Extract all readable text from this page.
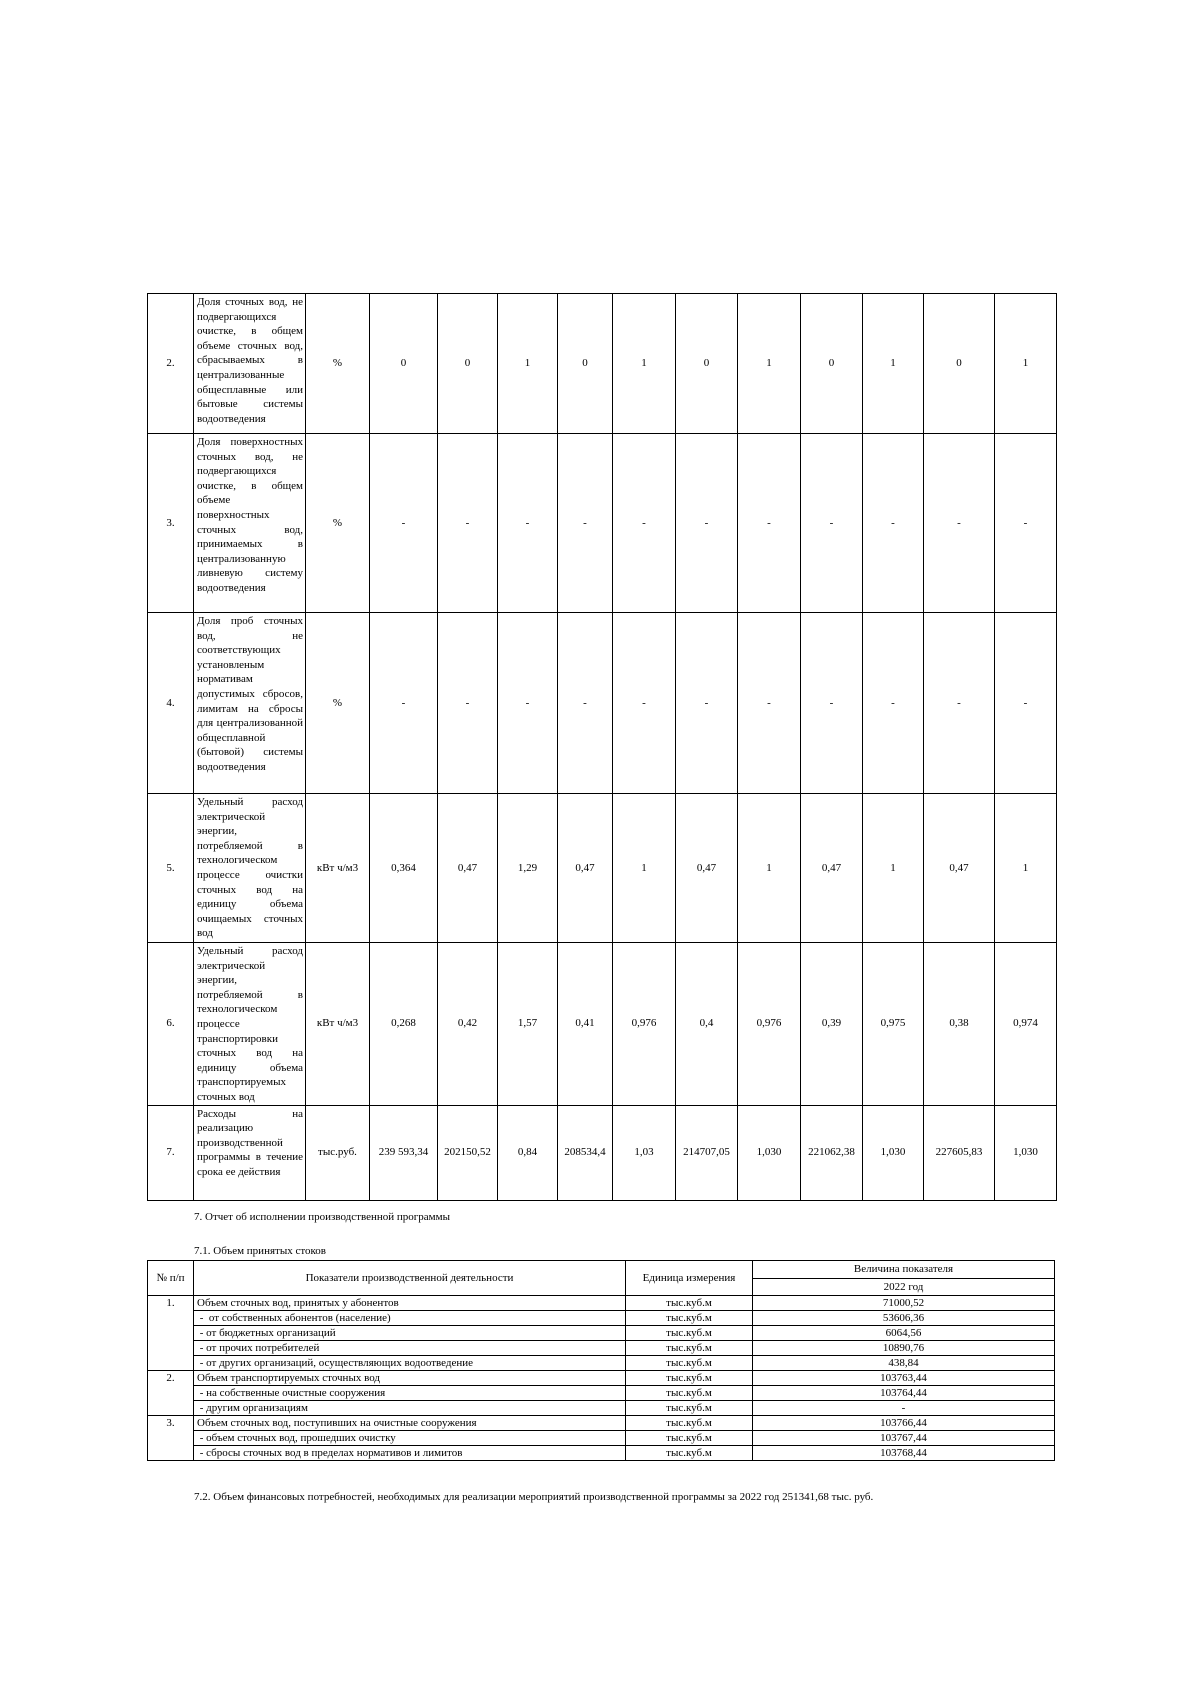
2.	Доля сточных вод, не подвергающихся очистке, в общем объеме сточных вод, сбрасываемых в централизованные общесплавные или бытовые системы водоотведения	%	0	0	1	0	1	0	1	0	1	0	1
3.	Доля поверхностных сточных вод, не подвергающихся очистке, в общем объеме поверхностных сточных вод, принимаемых в централизованную ливневую систему водоотведения	%	-	-	-	-	-	-	-	-	-	-	-
4.	Доля проб сточных вод, не соответствующих установленым нормативам допустимых сбросов, лимитам на сбросы для централизованной общесплавной (бытовой) системы водоотведения	%	-	-	-	-	-	-	-	-	-	-	-
5.	Удельный расход электрической энергии, потребляемой в технологическом процессе очистки сточных вод на единицу объема очищаемых сточных вод	кВт ч/м3	0,364	0,47	1,29	0,47	1	0,47	1	0,47	1	0,47	1
6.	Удельный расход электрической энергии, потребляемой в технологическом процессе транспортировки сточных вод на единицу объема транспортируемых сточных вод	кВт ч/м3	0,268	0,42	1,57	0,41	0,976	0,4	0,976	0,39	0,975	0,38	0,974
7.	Расходы на реализацию производственной программы в течение срока ее действия	тыс.руб.	239 593,34	202150,52	0,84	208534,4	1,03	214707,05	1,030	221062,38	1,030	227605,83	1,030
7. Отчет об исполнении производственной программы
7.1. Объем принятых стоков
№ п/п	Показатели производственной деятельности	Единица измерения	Величина показателя
			2022 год
1.	Объем сточных вод, принятых у абонентов	тыс.куб.м	71000,52
	-  от собственных абонентов (население)	тыс.куб.м	53606,36
	- от бюджетных организаций	тыс.куб.м	6064,56
	- от прочих потребителей	тыс.куб.м	10890,76
	- от других организаций, осуществляющих водоотведение	тыс.куб.м	438,84
2.	Объем транспортируемых сточных вод	тыс.куб.м	103763,44
	- на собственные очистные сооружения	тыс.куб.м	103764,44
	- другим организациям	тыс.куб.м	-
3.	Объем сточных вод, поступивших на очистные сооружения	тыс.куб.м	103766,44
	- объем сточных вод, прошедших очистку	тыс.куб.м	103767,44
	- сбросы сточных вод в пределах нормативов и лимитов	тыс.куб.м	103768,44
7.2. Объем финансовых потребностей, необходимых для реализации мероприятий производственной программы за 2022 год 251341,68 тыс. руб.
